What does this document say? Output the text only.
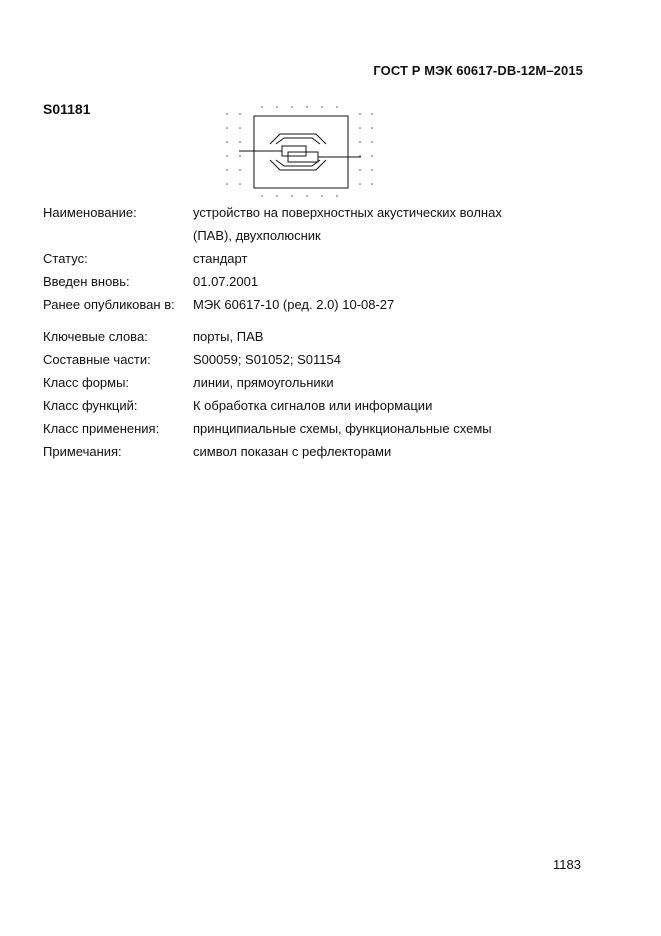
ГОСТ Р МЭК 60617-DB-12M–2015
S01181
Наименование:	устройство на поверхностных акустических волнах
(ПАВ), двухполюсник
Статус:	стандарт
Введен вновь:	01.07.2001
Ранее опубликован в: МЭК 60617-10 (ред. 2.0) 10-08-27
Ключевые слова:	порты, ПАВ
Составные части:	S00059; S01052; S01154
Класс формы:	линии, прямоугольники
Класс функций:	К обработка сигналов или информации
Класс применения:	принципиальные схемы, функциональные схемы
Примечания:	символ показан с рефлекторами
1183
